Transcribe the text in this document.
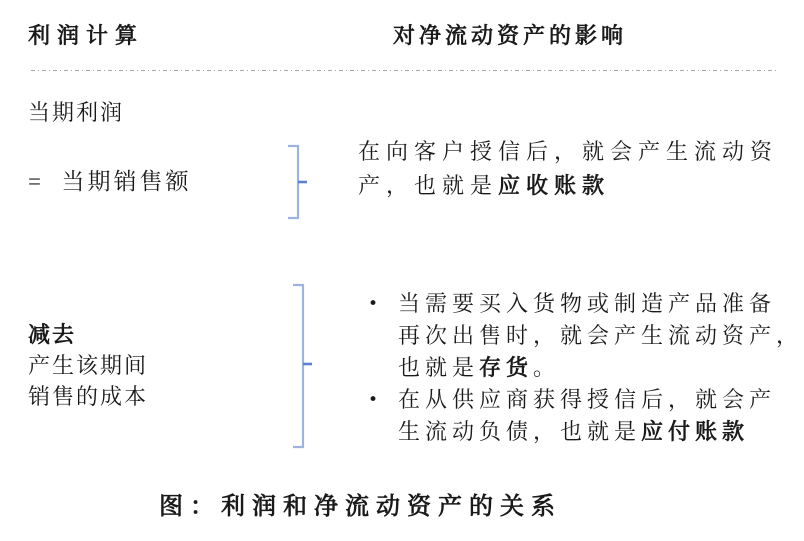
利润计算	对净流动资产的影响
当期利润
=  当期销售额
在向客户授信后，就会产生流动资
产，也就是应收账款
减去
产生该期间
销售的成本
• 当需要买入货物或制造产品准备
再次出售时，就会产生流动资产，
也就是存货。
• 在从供应商获得授信后，就会产
生流动负债，也就是应付账款
图：利润和净流动资产的关系
